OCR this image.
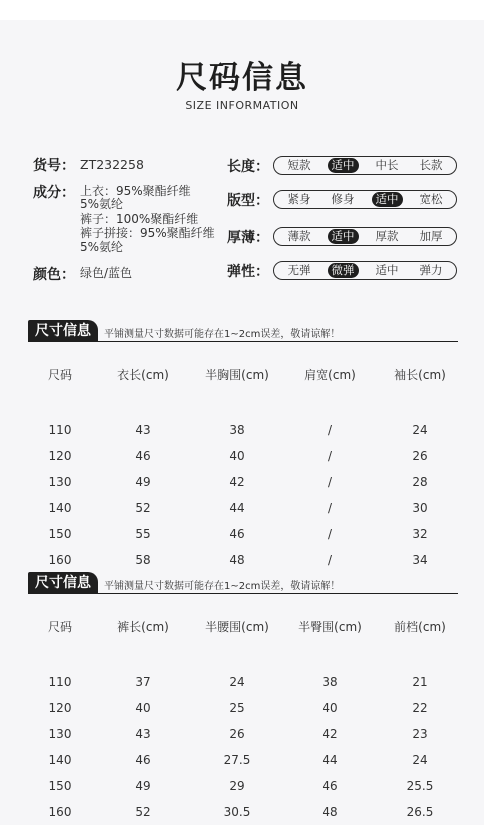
尺码信息
SIZE INFORMATION
货号： ZT232258
成分： 上衣：95%聚酯纤维
5%氨纶
裤子：100%聚酯纤维
裤子拼接：95%聚酯纤维
5%氨纶
颜色： 绿色/蓝色
长度：	短款	适中	中长	长款
版型：	紧身	修身	适中	宽松
厚薄：	薄款	适中	厚款	加厚
弹性：	无弹	微弹	适中	弹力
尺寸信息	平铺测量尺寸数据可能存在1~2cm误差，敬请谅解！
尺码	衣长(cm)	半胸围(cm)	肩宽(cm)	袖长(cm)

110	43	38	/	24
120	46	40	/	26
130	49	42	/	28
140	52	44	/	30
150	55	46	/	32
160	58	48	/	34
尺寸信息	平铺测量尺寸数据可能存在1~2cm误差，敬请谅解！
尺码	裤长(cm)	半腰围(cm)	半臀围(cm)	前档(cm)

110	37	24	38	21
120	40	25	40	22
130	43	26	42	23
140	46	27.5	44	24
150	49	29	46	25.5
160	52	30.5	48	26.5
